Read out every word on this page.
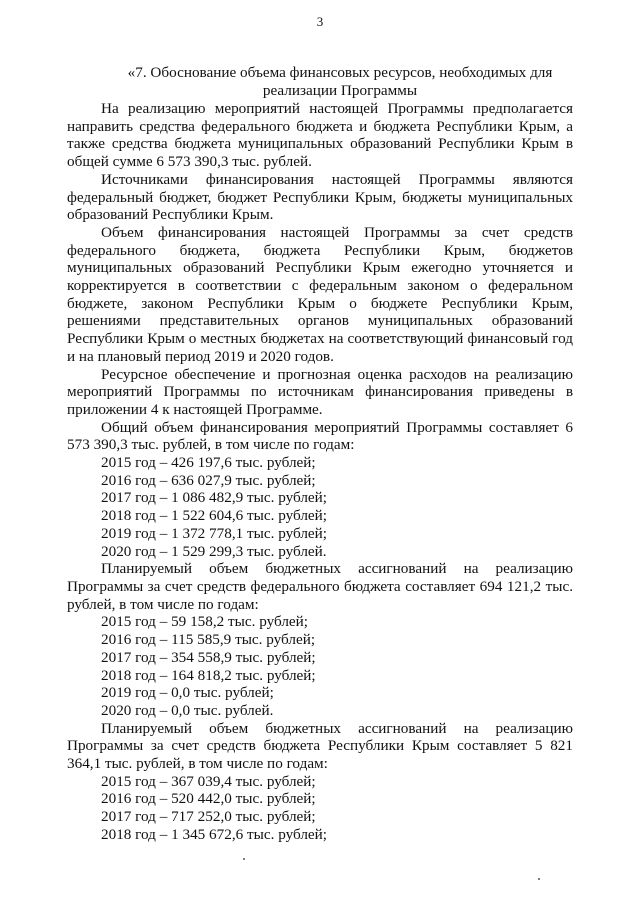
3
«7. Обоснование объема финансовых ресурсов, необходимых для реализации Программы

На реализацию мероприятий настоящей Программы предполагается направить средства федерального бюджета и бюджета Республики Крым, а также средства бюджета муниципальных образований Республики Крым в общей сумме 6 573 390,3 тыс. рублей.

Источниками финансирования настоящей Программы являются федеральный бюджет, бюджет Республики Крым, бюджеты муниципальных образований Республики Крым.

Объем финансирования настоящей Программы за счет средств федерального бюджета, бюджета Республики Крым, бюджетов муниципальных образований Республики Крым ежегодно уточняется и корректируется в соответствии с федеральным законом о федеральном бюджете, законом Республики Крым о бюджете Республики Крым, решениями представительных органов муниципальных образований Республики Крым о местных бюджетах на соответствующий финансовый год и на плановый период 2019 и 2020 годов.

Ресурсное обеспечение и прогнозная оценка расходов на реализацию мероприятий Программы по источникам финансирования приведены в приложении 4 к настоящей Программе.

Общий объем финансирования мероприятий Программы составляет 6 573 390,3 тыс. рублей, в том числе по годам:

2015 год – 426 197,6 тыс. рублей;

2016 год – 636 027,9 тыс. рублей;

2017 год – 1 086 482,9 тыс. рублей;

2018 год – 1 522 604,6 тыс. рублей;

2019 год – 1 372 778,1 тыс. рублей;

2020 год – 1 529 299,3 тыс. рублей.

Планируемый объем бюджетных ассигнований на реализацию Программы за счет средств федерального бюджета составляет 694 121,2 тыс. рублей, в том числе по годам:

2015 год – 59 158,2 тыс. рублей;

2016 год – 115 585,9 тыс. рублей;

2017 год – 354 558,9 тыс. рублей;

2018 год – 164 818,2 тыс. рублей;

2019 год – 0,0 тыс. рублей;

2020 год – 0,0 тыс. рублей.

Планируемый объем бюджетных ассигнований на реализацию Программы за счет средств бюджета Республики Крым составляет 5 821 364,1 тыс. рублей, в том числе по годам:

2015 год – 367 039,4 тыс. рублей;

2016 год – 520 442,0 тыс. рублей;

2017 год – 717 252,0 тыс. рублей;

2018 год – 1 345 672,6 тыс. рублей;
